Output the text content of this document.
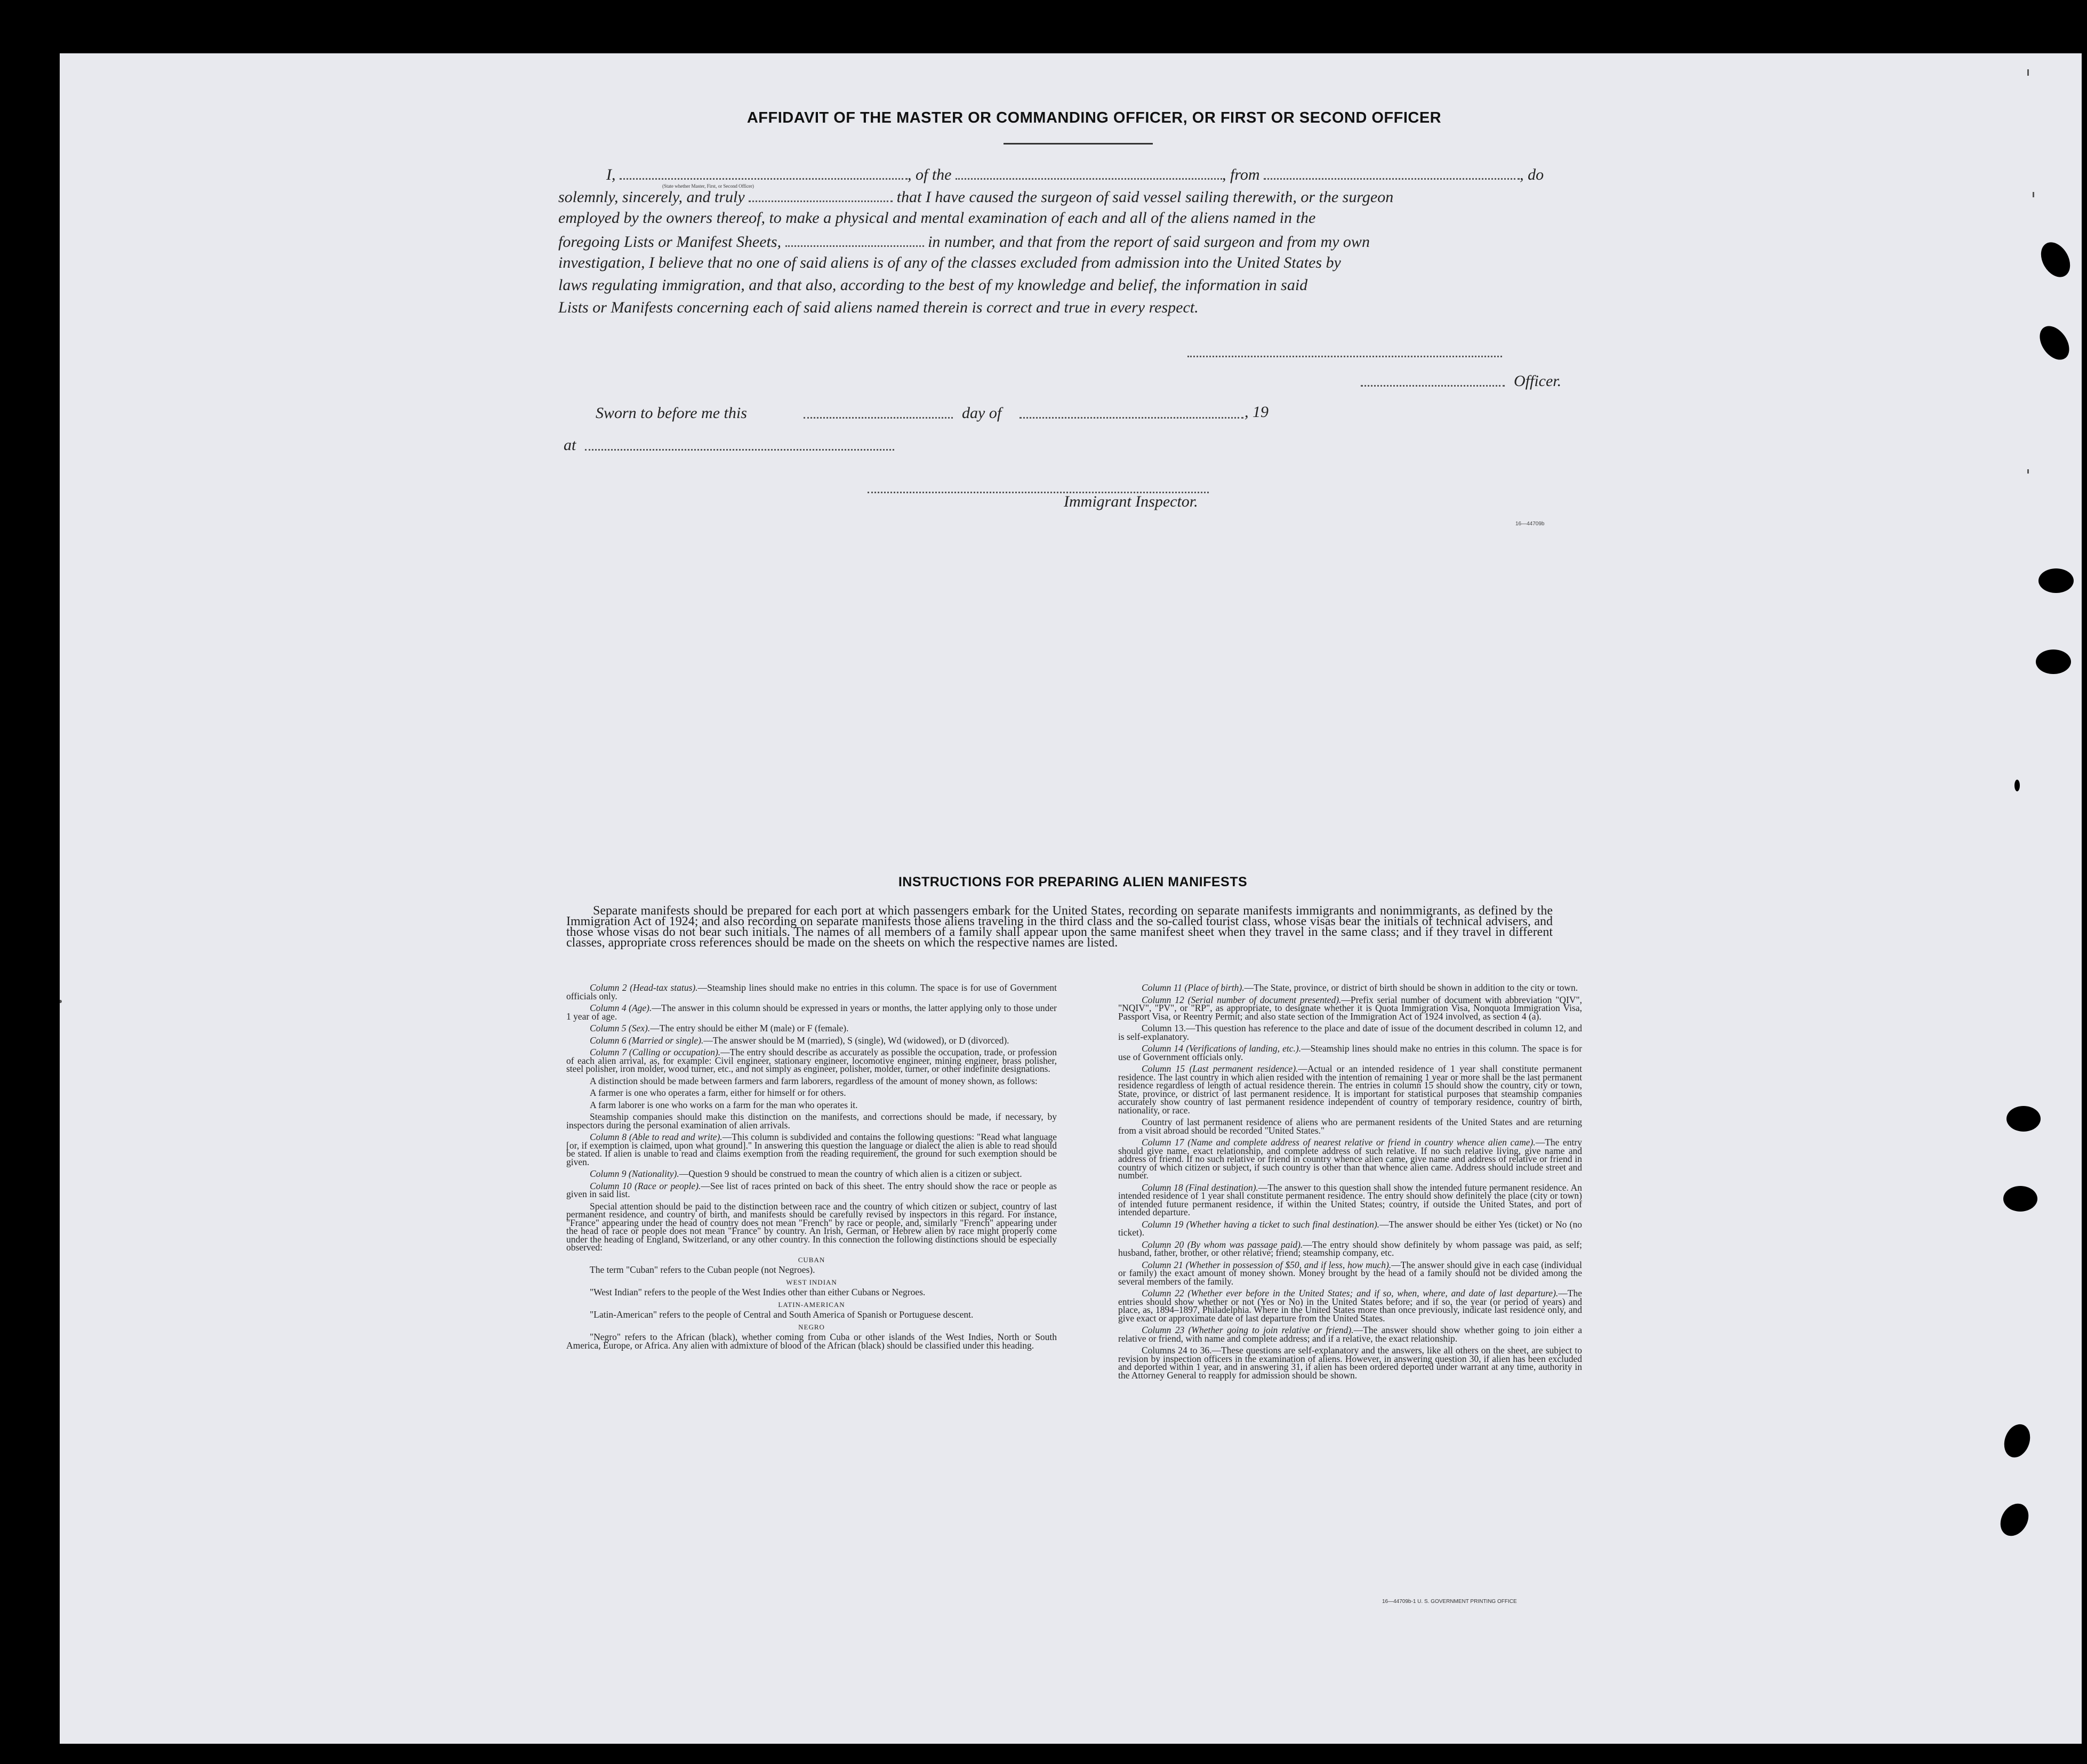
AFFIDAVIT OF THE MASTER OR COMMANDING OFFICER, OR FIRST OR SECOND OFFICER
I,	, of the	, from	, do
(State whether Master, First, or Second Officer)
solemnly, sincerely, and truly	that I have caused the surgeon of said vessel sailing therewith, or the surgeon
employed by the owners thereof, to make a physical and mental examination of each and all of the aliens named in the
foregoing Lists or Manifest Sheets,	in number, and that from the report of said surgeon and from my own
investigation, I believe that no one of said aliens is of any of the classes excluded from admission into the United States by
laws regulating immigration, and that also, according to the best of my knowledge and belief, the information in said
Lists or Manifests concerning each of said aliens named therein is correct and true in every respect.
Officer.
Sworn to before me this	day of	, 19
at
Immigrant Inspector.
16—44709b
INSTRUCTIONS FOR PREPARING ALIEN MANIFESTS
Separate manifests should be prepared for each port at which passengers embark for the United States, recording on separate manifests immigrants and nonimmigrants, as defined by the Immigration Act of 1924; and also recording on separate manifests those aliens traveling in the third class and the so-called tourist class, whose visas bear the initials of technical advisers, and those whose visas do not bear such initials. The names of all members of a family shall appear upon the same manifest sheet when they travel in the same class; and if they travel in different classes, appropriate cross references should be made on the sheets on which the respective names are listed.

Column 2 (Head-tax status).—Steamship lines should make no entries in this column. The space is for use of Government officials only.

Column 4 (Age).—The answer in this column should be expressed in years or months, the latter applying only to those under 1 year of age.

Column 5 (Sex).—The entry should be either M (male) or F (female).

Column 6 (Married or single).—The answer should be M (married), S (single), Wd (widowed), or D (divorced).

Column 7 (Calling or occupation).—The entry should describe as accurately as possible the occupation, trade, or profession of each alien arrival, as, for example: Civil engineer, stationary engineer, locomotive engineer, mining engineer, brass polisher, steel polisher, iron molder, wood turner, etc., and not simply as engineer, polisher, molder, turner, or other indefinite designations.

A distinction should be made between farmers and farm laborers, regardless of the amount of money shown, as follows:

A farmer is one who operates a farm, either for himself or for others.

A farm laborer is one who works on a farm for the man who operates it.

Steamship companies should make this distinction on the manifests, and corrections should be made, if necessary, by inspectors during the personal examination of alien arrivals.

Column 8 (Able to read and write).—This column is subdivided and contains the following questions: "Read what language [or, if exemption is claimed, upon what ground]." In answering this question the language or dialect the alien is able to read should be stated. If alien is unable to read and claims exemption from the reading requirement, the ground for such exemption should be given.

Column 9 (Nationality).—Question 9 should be construed to mean the country of which alien is a citizen or subject.

Column 10 (Race or people).—See list of races printed on back of this sheet. The entry should show the race or people as given in said list.

Special attention should be paid to the distinction between race and the country of which citizen or subject, country of last permanent residence, and country of birth, and manifests should be carefully revised by inspectors in this regard. For instance, "France" appearing under the head of country does not mean "French" by race or people, and, similarly "French" appearing under the head of race or people does not mean "France" by country. An Irish, German, or Hebrew alien by race might properly come under the heading of England, Switzerland, or any other country. In this connection the following distinctions should be especially observed:

CUBAN

The term "Cuban" refers to the Cuban people (not Negroes).

WEST INDIAN

"West Indian" refers to the people of the West Indies other than either Cubans or Negroes.

LATIN-AMERICAN

"Latin-American" refers to the people of Central and South America of Spanish or Portuguese descent.

NEGRO

"Negro" refers to the African (black), whether coming from Cuba or other islands of the West Indies, North or South America, Europe, or Africa. Any alien with admixture of blood of the African (black) should be classified under this heading.

Column 11 (Place of birth).—The State, province, or district of birth should be shown in addition to the city or town.

Column 12 (Serial number of document presented).—Prefix serial number of document with abbreviation "QIV", "NQIV", "PV", or "RP", as appropriate, to designate whether it is Quota Immigration Visa, Nonquota Immigration Visa, Passport Visa, or Reentry Permit; and also state section of the Immigration Act of 1924 involved, as section 4 (a).

Column 13.—This question has reference to the place and date of issue of the document described in column 12, and is self-explanatory.

Column 14 (Verifications of landing, etc.).—Steamship lines should make no entries in this column. The space is for use of Government officials only.

Column 15 (Last permanent residence).—Actual or an intended residence of 1 year shall constitute permanent residence. The last country in which alien resided with the intention of remaining 1 year or more shall be the last permanent residence regardless of length of actual residence therein. The entries in column 15 should show the country, city or town, State, province, or district of last permanent residence. It is important for statistical purposes that steamship companies accurately show country of last permanent residence independent of country of temporary residence, country of birth, nationality, or race.

Country of last permanent residence of aliens who are permanent residents of the United States and are returning from a visit abroad should be recorded "United States."

Column 17 (Name and complete address of nearest relative or friend in country whence alien came).—The entry should give name, exact relationship, and complete address of such relative. If no such relative living, give name and address of friend. If no such relative or friend in country whence alien came, give name and address of relative or friend in country of which citizen or subject, if such country is other than that whence alien came. Address should include street and number.

Column 18 (Final destination).—The answer to this question shall show the intended future permanent residence. An intended residence of 1 year shall constitute permanent residence. The entry should show definitely the place (city or town) of intended future permanent residence, if within the United States; country, if outside the United States, and port of intended departure.

Column 19 (Whether having a ticket to such final destination).—The answer should be either Yes (ticket) or No (no ticket).

Column 20 (By whom was passage paid).—The entry should show definitely by whom passage was paid, as self; husband, father, brother, or other relative; friend; steamship company, etc.

Column 21 (Whether in possession of $50, and if less, how much).—The answer should give in each case (individual or family) the exact amount of money shown. Money brought by the head of a family should not be divided among the several members of the family.

Column 22 (Whether ever before in the United States; and if so, when, where, and date of last departure).—The entries should show whether or not (Yes or No) in the United States before; and if so, the year (or period of years) and place, as, 1894–1897, Philadelphia. Where in the United States more than once previously, indicate last residence only, and give exact or approximate date of last departure from the United States.

Column 23 (Whether going to join relative or friend).—The answer should show whether going to join either a relative or friend, with name and complete address; and if a relative, the exact relationship.

Columns 24 to 36.—These questions are self-explanatory and the answers, like all others on the sheet, are subject to revision by inspection officers in the examination of aliens. However, in answering question 30, if alien has been excluded and deported within 1 year, and in answering 31, if alien has been ordered deported under warrant at any time, authority in the Attorney General to reapply for admission should be shown.

16—44709b-1 U. S. GOVERNMENT PRINTING OFFICE
